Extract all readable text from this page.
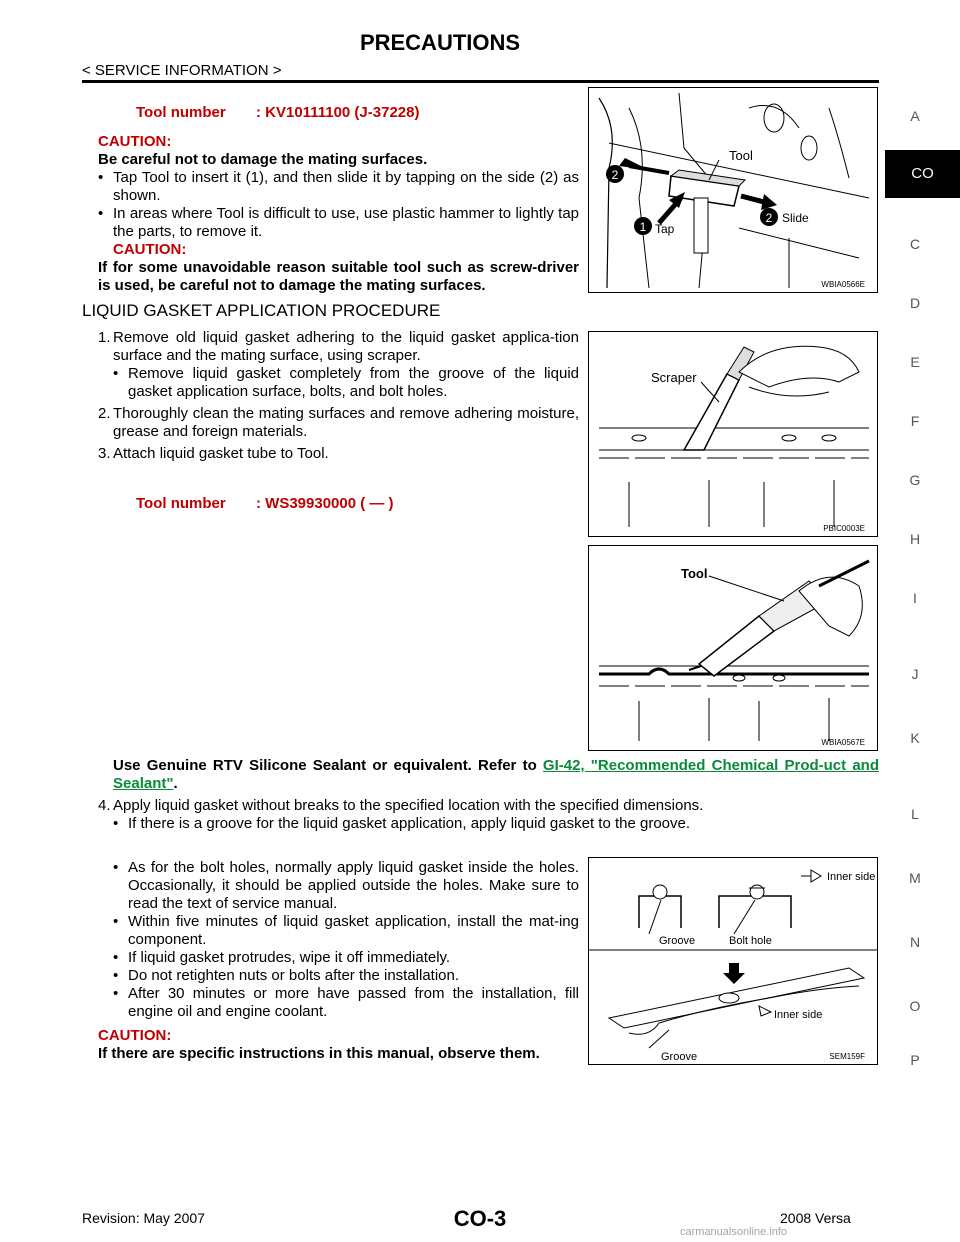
PRECAUTIONS
< SERVICE INFORMATION >
Tool number : KV10111100 (J-37228)
CAUTION:
Be careful not to damage the mating surfaces.
• Tap Tool to insert it (1), and then slide it by tapping on the side (2) as shown.
• In areas where Tool is difficult to use, use plastic hammer to lightly tap the parts, to remove it.
CAUTION:
If for some unavoidable reason suitable tool such as screw-driver is used, be careful not to damage the mating surfaces.
2
2
1
Tool
Tap
Slide
WBIA0566E
LIQUID GASKET APPLICATION PROCEDURE
1. Remove old liquid gasket adhering to the liquid gasket applica-tion surface and the mating surface, using scraper.
• Remove liquid gasket completely from the groove of the liquid gasket application surface, bolts, and bolt holes.
2. Thoroughly clean the mating surfaces and remove adhering moisture, grease and foreign materials.
3. Attach liquid gasket tube to Tool.
Tool number : WS39930000 ( — )
Scraper
PBIC0003E
Tool
WBIA0567E
Use Genuine RTV Silicone Sealant or equivalent. Refer to GI-42, "Recommended Chemical Prod-uct and Sealant".
4. Apply liquid gasket without breaks to the specified location with the specified dimensions.
• If there is a groove for the liquid gasket application, apply liquid gasket to the groove.
• As for the bolt holes, normally apply liquid gasket inside the holes. Occasionally, it should be applied outside the holes. Make sure to read the text of service manual.
• Within five minutes of liquid gasket application, install the mat-ing component.
• If liquid gasket protrudes, wipe it off immediately.
• Do not retighten nuts or bolts after the installation.
• After 30 minutes or more have passed from the installation, fill engine oil and engine coolant.
CAUTION:
If there are specific instructions in this manual, observe them.
Groove	Bolt hole
Inner side
Inner side
Groove	SEM159F
A
CO
C
D
E
F
G
H
I
J
K
L
M
N
O
P
Revision: May 2007	CO-3	2008 Versa
carmanualsonline.info
